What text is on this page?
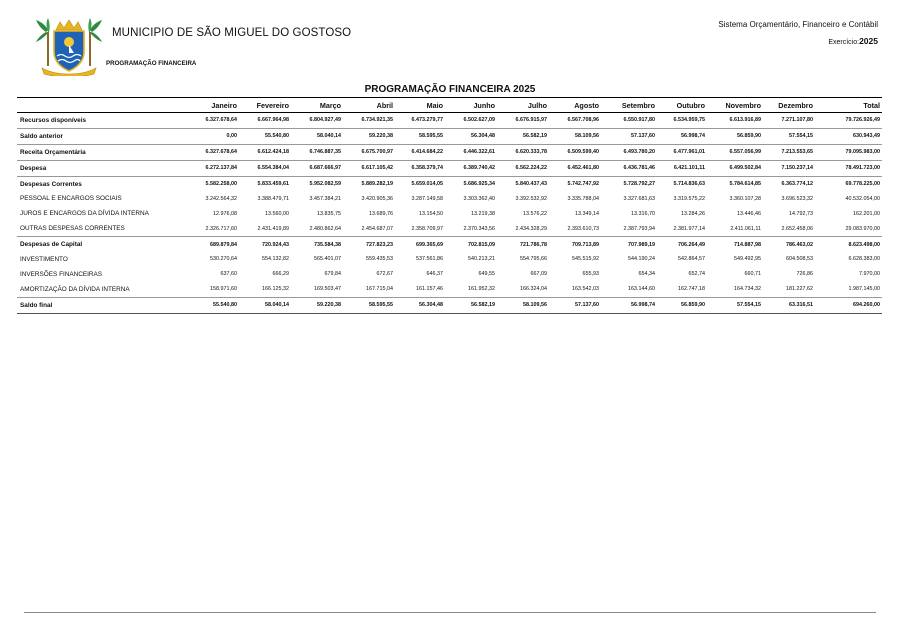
MUNICIPIO DE SÃO MIGUEL DO GOSTOSO
Sistema Orçamentário, Financeiro e Contábil
Exercício:2025
PROGRAMAÇÃO FINANCEIRA
PROGRAMAÇÃO FINANCEIRA 2025
	Janeiro	Fevereiro	Março	Abril	Maio	Junho	Julho	Agosto	Setembro	Outubro	Novembro	Dezembro	Total
Recursos disponíveis	6.327.678,64	6.667.964,98	6.804.927,49	6.734.921,35	6.473.279,77	6.502.627,09	6.676.915,97	6.567.708,96	6.550.917,80	6.534.959,75	6.613.916,89	7.271.107,80	79.726.926,49
Saldo anterior	0,00	55.540,80	58.040,14	59.220,38	58.595,55	56.304,48	56.582,19	58.109,56	57.137,60	56.998,74	56.859,90	57.554,15	630.943,49
Receita Orçamentária	6.327.678,64	6.612.424,18	6.746.887,35	6.675.700,97	6.414.684,22	6.446.322,61	6.620.333,78	6.509.599,40	6.493.780,20	6.477.961,01	6.557.056,99	7.213.553,65	79.095.983,00
Despesa	6.272.137,84	6.554.384,04	6.687.666,97	6.617.105,42	6.358.379,74	6.389.740,42	6.562.224,22	6.452.461,80	6.436.781,46	6.421.101,11	6.499.502,84	7.150.237,14	78.491.723,00
Despesas Correntes	5.582.258,00	5.833.459,61	5.952.082,59	5.889.282,19	5.659.014,05	5.686.925,34	5.840.437,43	5.742.747,92	5.728.792,27	5.714.836,63	5.784.614,85	6.363.774,12	69.778.225,00
PESSOAL E ENCARGOS SOCIAIS	3.242.564,32	3.388.479,71	3.457.384,21	3.420.905,36	3.287.149,58	3.303.362,40	3.392.532,92	3.335.788,04	3.327.681,63	3.319.575,22	3.360.107,28	3.696.523,32	40.532.054,00
JUROS E ENCARGOS DA DÍVIDA INTERNA	12.976,08	13.560,00	13.835,75	13.689,76	13.154,50	13.219,38	13.576,22	13.349,14	13.316,70	13.284,26	13.446,46	14.792,73	162.201,00
OUTRAS DESPESAS CORRENTES	2.326.717,60	2.431.419,89	2.480.862,64	2.454.687,07	2.358.709,97	2.370.343,56	2.434.328,29	2.393.610,73	2.387.793,94	2.381.977,14	2.411.061,11	2.652.458,06	29.083.970,00
Despesas de Capital	689.879,84	720.924,43	735.584,38	727.823,23	699.365,69	702.815,09	721.786,78	709.713,89	707.989,19	706.264,49	714.887,98	786.463,02	8.623.498,00
INVESTIMENTO	530.270,64	554.132,82	565.401,07	559.435,53	537.561,86	540.213,21	554.795,66	545.515,92	544.190,24	542.864,57	549.492,95	604.508,53	6.628.383,00
INVERSÕES FINANCEIRAS	637,60	666,29	679,84	672,67	646,37	649,55	667,09	655,93	654,34	652,74	660,71	726,86	7.970,00
AMORTIZAÇÃO DA DÍVIDA INTERNA	158.971,60	166.125,32	169.503,47	167.715,04	161.157,46	161.952,32	166.324,04	163.542,03	163.144,60	162.747,18	164.734,32	181.227,62	1.987.145,00
Saldo final	55.540,80	58.040,14	59.220,38	58.595,55	56.304,48	56.582,19	58.109,56	57.137,60	56.998,74	56.859,90	57.554,15	63.316,51	694.260,00
